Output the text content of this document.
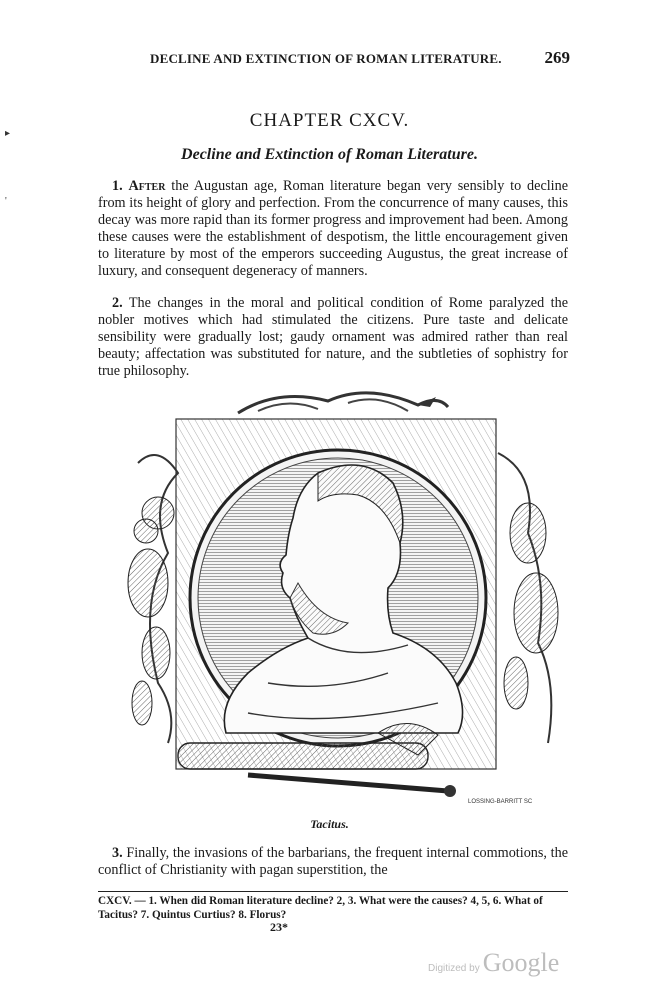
DECLINE AND EXTINCTION OF ROMAN LITERATURE.	269
▸
'
CHAPTER CXCV.
Decline and Extinction of Roman Literature.

1. After the Augustan age, Roman literature began very sensibly to decline from its height of glory and perfection. From the concurrence of many causes, this decay was more rapid than its former progress and improvement had been. Among these causes were the establishment of despotism, the little encouragement given to literature by most of the emperors succeeding Augustus, the great increase of luxury, and consequent degeneracy of manners.

2. The changes in the moral and political condition of Rome paralyzed the nobler motives which had stimulated the citizens. Pure taste and delicate sensibility were gradually lost; gaudy ornament was admired rather than real beauty; affectation was substituted for nature, and the subtleties of sophistry for true philosophy.

LOSSING-BARRITT SC
Tacitus.

3. Finally, the invasions of the barbarians, the frequent internal commotions, the conflict of Christianity with pagan superstition, the

CXCV. — 1. When did Roman literature decline? 2, 3. What were the causes? 4, 5, 6. What of Tacitus? 7. Quintus Curtius? 8. Florus?
23*
Digitized by Google
